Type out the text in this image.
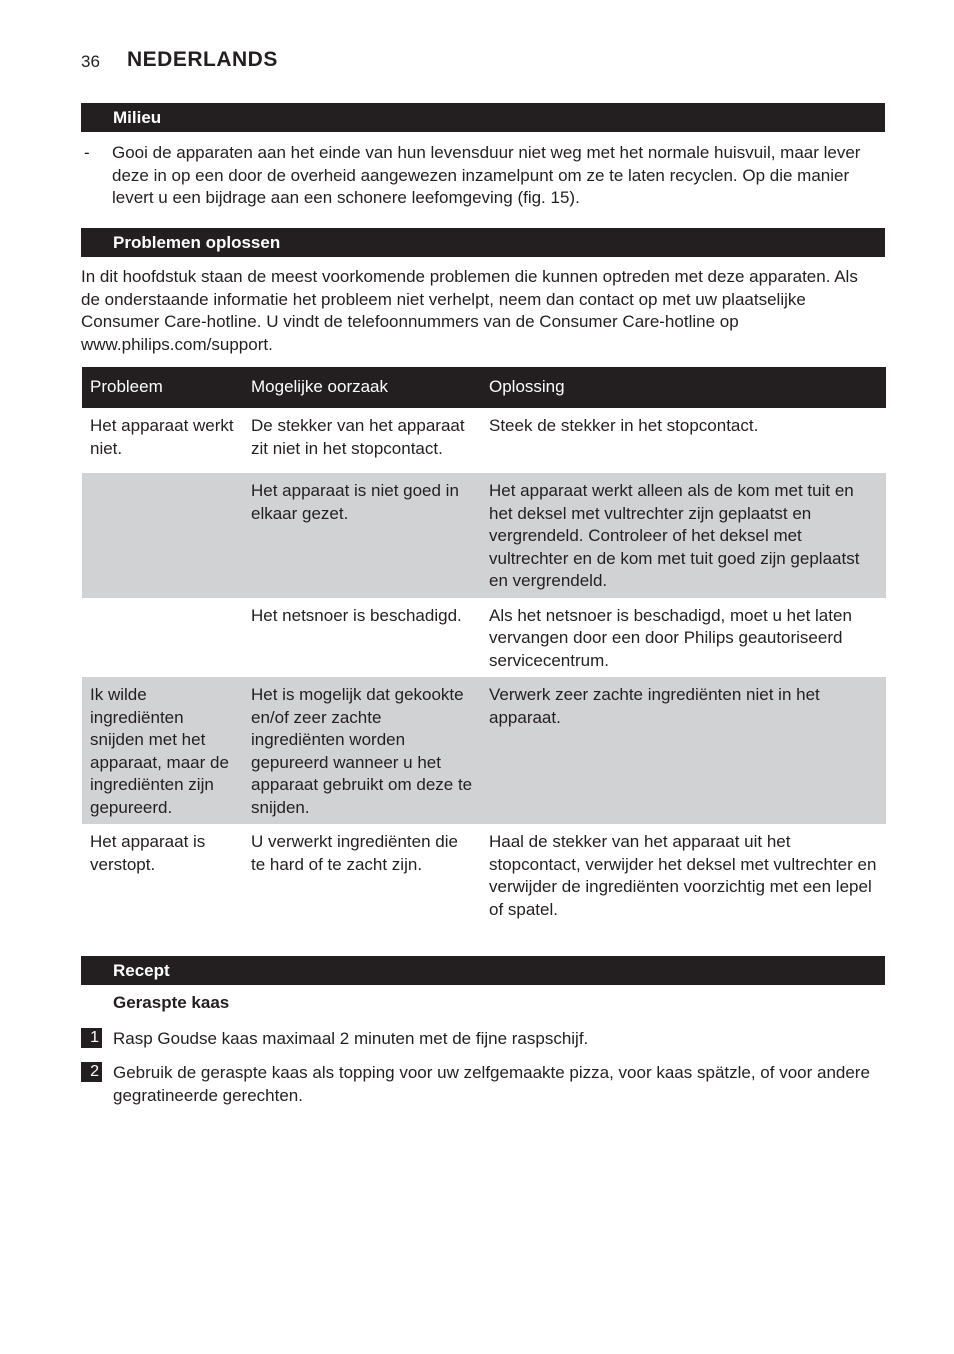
36 NEDERLANDS
Milieu
- Gooi de apparaten aan het einde van hun levensduur niet weg met het normale huisvuil, maar lever deze in op een door de overheid aangewezen inzamelpunt om ze te laten recyclen. Op die manier levert u een bijdrage aan een schonere leefomgeving (fig. 15).
Problemen oplossen
In dit hoofdstuk staan de meest voorkomende problemen die kunnen optreden met deze apparaten. Als de onderstaande informatie het probleem niet verhelpt, neem dan contact op met uw plaatselijke Consumer Care-hotline. U vindt de telefoonnummers van de Consumer Care-hotline op www.philips.com/support.
Probleem	Mogelijke oorzaak	Oplossing
Het apparaat werkt niet.	De stekker van het apparaat zit niet in het stopcontact.	Steek de stekker in het stopcontact.
	Het apparaat is niet goed in elkaar gezet.	Het apparaat werkt alleen als de kom met tuit en het deksel met vultrechter zijn geplaatst en vergrendeld. Controleer of het deksel met vultrechter en de kom met tuit goed zijn geplaatst en vergrendeld.
	Het netsnoer is beschadigd.	Als het netsnoer is beschadigd, moet u het laten vervangen door een door Philips geautoriseerd servicecentrum.
Ik wilde ingrediënten snijden met het apparaat, maar de ingrediënten zijn gepureerd.	Het is mogelijk dat gekookte en/of zeer zachte ingrediënten worden gepureerd wanneer u het apparaat gebruikt om deze te snijden.	Verwerk zeer zachte ingrediënten niet in het apparaat.
Het apparaat is verstopt.	U verwerkt ingrediënten die te hard of te zacht zijn.	Haal de stekker van het apparaat uit het stopcontact, verwijder het deksel met vultrechter en verwijder de ingrediënten voorzichtig met een lepel of spatel.
Recept
Geraspte kaas
1 Rasp Goudse kaas maximaal 2 minuten met de fijne raspschijf.
2 Gebruik de geraspte kaas als topping voor uw zelfgemaakte pizza, voor kaas spätzle, of voor andere gegratineerde gerechten.
